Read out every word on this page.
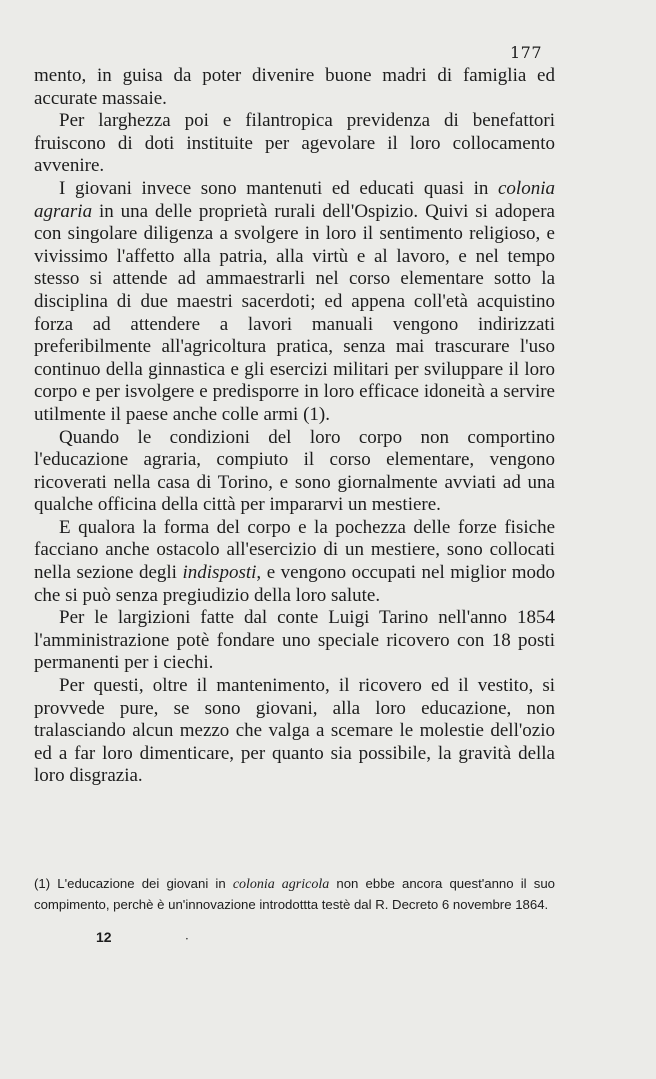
177

mento, in guisa da poter divenire buone madri di famiglia ed accurate massaie.

Per larghezza poi e filantropica previdenza di benefattori fruiscono di doti instituite per agevolare il loro collocamento avvenire.

I giovani invece sono mantenuti ed educati quasi in colonia agraria in una delle proprietà rurali dell'Ospizio. Quivi si adopera con singolare diligenza a svolgere in loro il sentimento religioso, e vivissimo l'affetto alla patria, alla virtù e al lavoro, e nel tempo stesso si attende ad ammaestrarli nel corso elementare sotto la disciplina di due maestri sacerdoti; ed appena coll'età acquistino forza ad attendere a lavori manuali vengono indirizzati preferibilmente all'agricoltura pratica, senza mai trascurare l'uso continuo della ginnastica e gli esercizi militari per sviluppare il loro corpo e per isvolgere e predisporre in loro efficace idoneità a servire utilmente il paese anche colle armi (1).

Quando le condizioni del loro corpo non comportino l'educazione agraria, compiuto il corso elementare, vengono ricoverati nella casa di Torino, e sono giornalmente avviati ad una qualche officina della città per impararvi un mestiere.

E qualora la forma del corpo e la pochezza delle forze fisiche facciano anche ostacolo all'esercizio di un mestiere, sono collocati nella sezione degli indisposti, e vengono occupati nel miglior modo che si può senza pregiudizio della loro salute.

Per le largizioni fatte dal conte Luigi Tarino nell'anno 1854 l'amministrazione potè fondare uno speciale ricovero con 18 posti permanenti per i ciechi.

Per questi, oltre il mantenimento, il ricovero ed il vestito, si provvede pure, se sono giovani, alla loro educazione, non tralasciando alcun mezzo che valga a scemare le molestie dell'ozio ed a far loro dimenticare, per quanto sia possibile, la gravità della loro disgrazia.

(1) L'educazione dei giovani in colonia agricola non ebbe ancora quest'anno il suo compimento, perchè è un'innovazione introdottta testè dal R. Decreto 6 novembre 1864.
12	·
